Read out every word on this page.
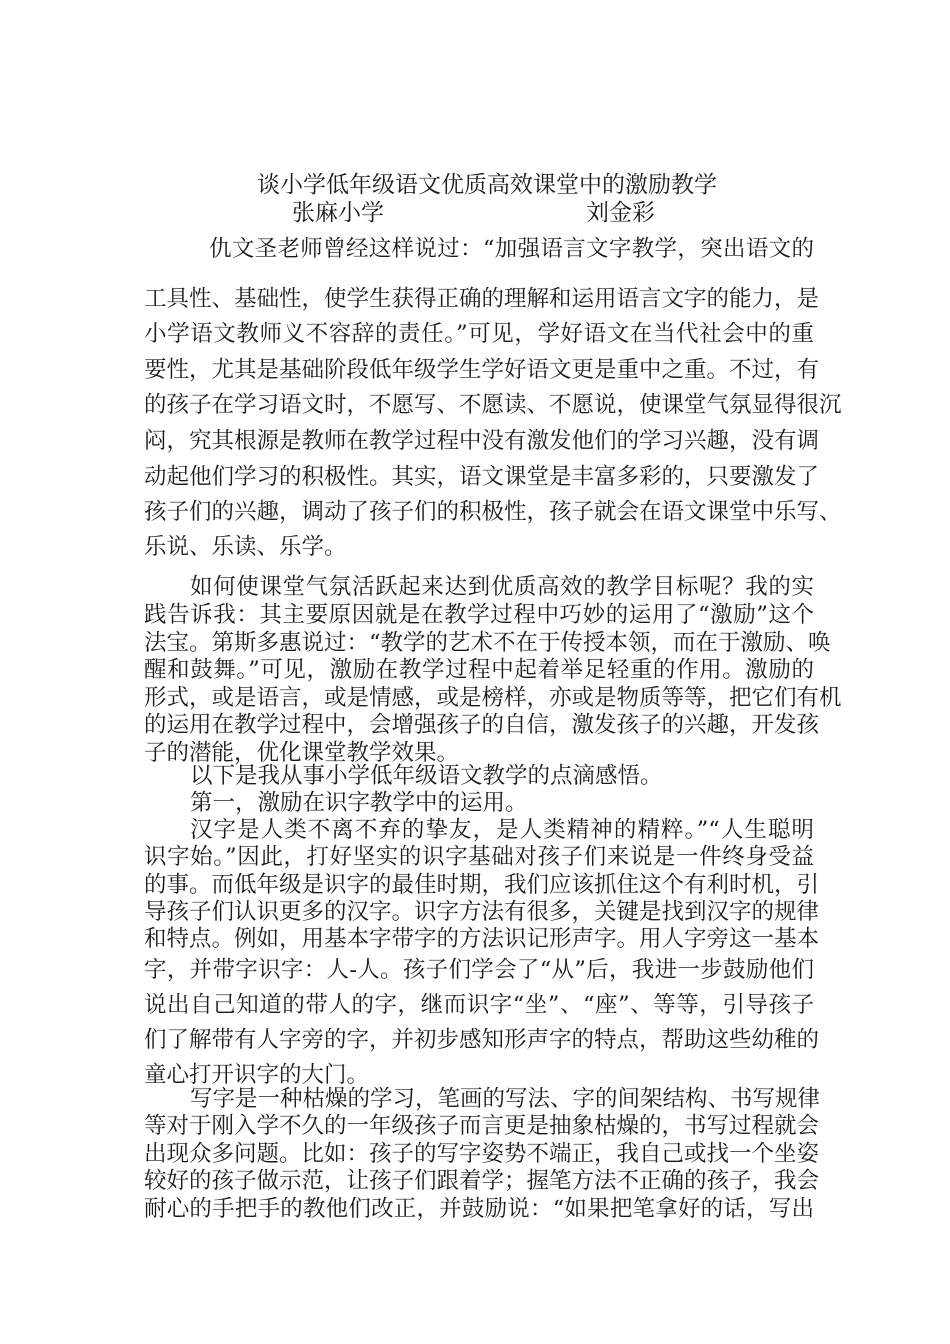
谈小学低年级语文优质高效课堂中的激励教学
张麻小学	刘金彩
仇文圣老师曾经这样说过：“加强语言文字教学，突出语文的
工具性、基础性，使学生获得正确的理解和运用语言文字的能力，是
小学语文教师义不容辞的责任。”可见，学好语文在当代社会中的重
要性，尤其是基础阶段低年级学生学好语文更是重中之重。不过，有
的孩子在学习语文时，不愿写、不愿读、不愿说，使课堂气氛显得很沉
闷，究其根源是教师在教学过程中没有激发他们的学习兴趣，没有调
动起他们学习的积极性。其实，语文课堂是丰富多彩的，只要激发了
孩子们的兴趣，调动了孩子们的积极性，孩子就会在语文课堂中乐写、
乐说、乐读、乐学。
如何使课堂气氛活跃起来达到优质高效的教学目标呢？我的实
践告诉我：其主要原因就是在教学过程中巧妙的运用了“激励”这个
法宝。第斯多惠说过：“教学的艺术不在于传授本领，而在于激励、唤
醒和鼓舞。”可见，激励在教学过程中起着举足轻重的作用。激励的
形式，或是语言，或是情感，或是榜样，亦或是物质等等，把它们有机
的运用在教学过程中，会增强孩子的自信，激发孩子的兴趣，开发孩
子的潜能，优化课堂教学效果。
以下是我从事小学低年级语文教学的点滴感悟。
第一，激励在识字教学中的运用。
汉字是人类不离不弃的挚友，是人类精神的精粹。”“人生聪明
识字始。”因此，打好坚实的识字基础对孩子们来说是一件终身受益
的事。而低年级是识字的最佳时期，我们应该抓住这个有利时机，引
导孩子们认识更多的汉字。识字方法有很多，关键是找到汉字的规律
和特点。例如，用基本字带字的方法识记形声字。用人字旁这一基本
字，并带字识字：人-人。孩子们学会了“从”后，我进一步鼓励他们
说出自己知道的带人的字，继而识字“坐”、“座”、等等，引导孩子
们了解带有人字旁的字，并初步感知形声字的特点，帮助这些幼稚的
童心打开识字的大门。
写字是一种枯燥的学习，笔画的写法、字的间架结构、书写规律
等对于刚入学不久的一年级孩子而言更是抽象枯燥的，书写过程就会
出现众多问题。比如：孩子的写字姿势不端正，我自己或找一个坐姿
较好的孩子做示范，让孩子们跟着学；握笔方法不正确的孩子，我会
耐心的手把手的教他们改正，并鼓励说：“如果把笔拿好的话，写出
